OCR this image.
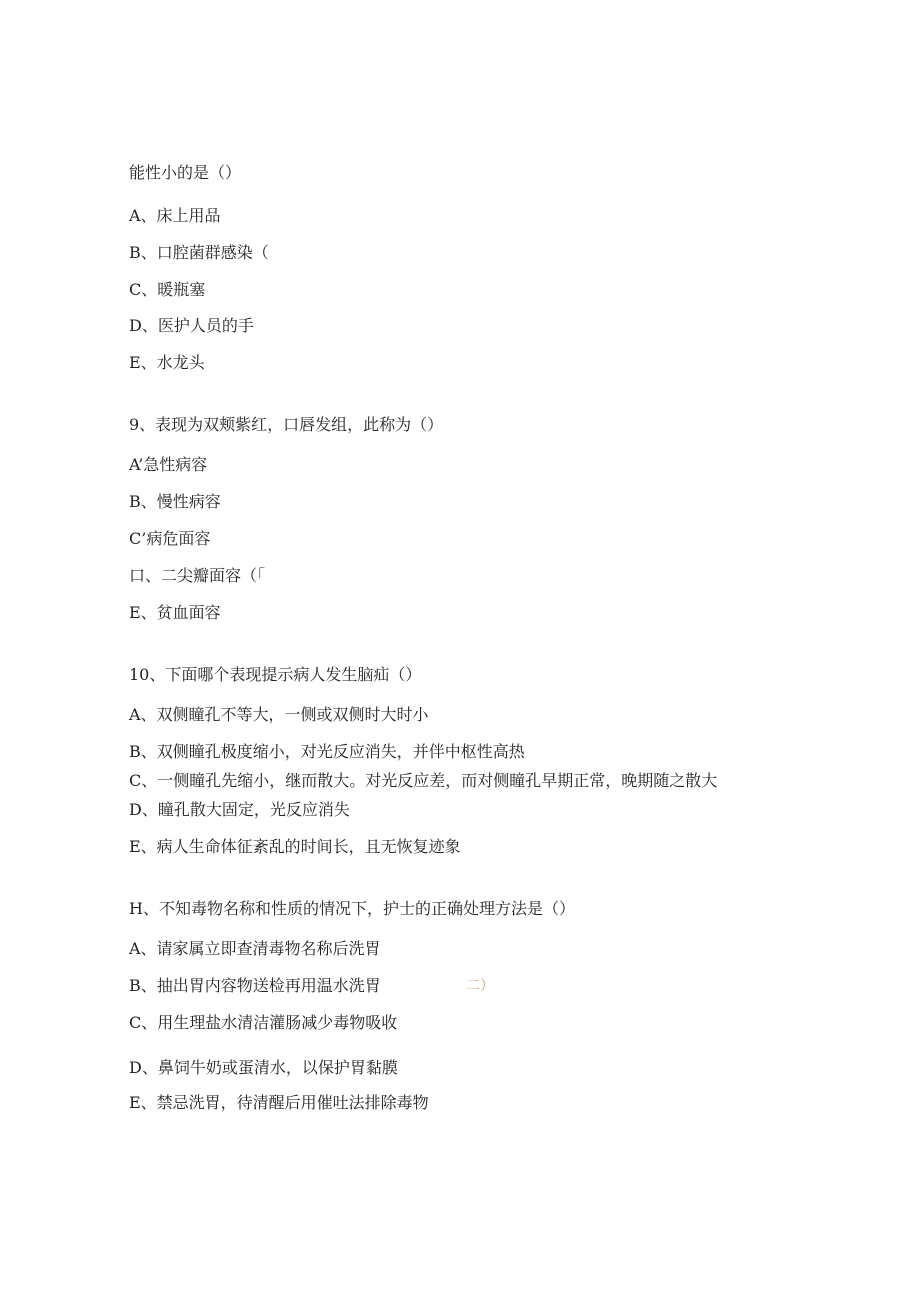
能性小的是（）
A、床上用品
B、口腔菌群感染（
C、暖瓶塞
D、医护人员的手
E、水龙头
9、表现为双颊紫红，口唇发组，此称为（）
A’急性病容
B、慢性病容
C’病危面容
口、二尖瓣面容（「
E、贫血面容
10、下面哪个表现提示病人发生脑疝（）
A、双侧瞳孔不等大，一侧或双侧时大时小
B、双侧瞳孔极度缩小，对光反应消失，并伴中枢性高热
C、一侧瞳孔先缩小，继而散大。对光反应差，而对侧瞳孔早期正常，晚期随之散大
D、瞳孔散大固定，光反应消失
E、病人生命体征紊乱的时间长，且无恢复迹象
H、不知毒物名称和性质的情况下，护士的正确处理方法是（）
A、请家属立即查清毒物名称后洗胃
B、抽出胃内容物送检再用温水洗胃	二）
C、用生理盐水清洁灌肠减少毒物吸收
D、鼻饲牛奶或蛋清水，以保护胃黏膜
E、禁忌洗胃，待清醒后用催吐法排除毒物
